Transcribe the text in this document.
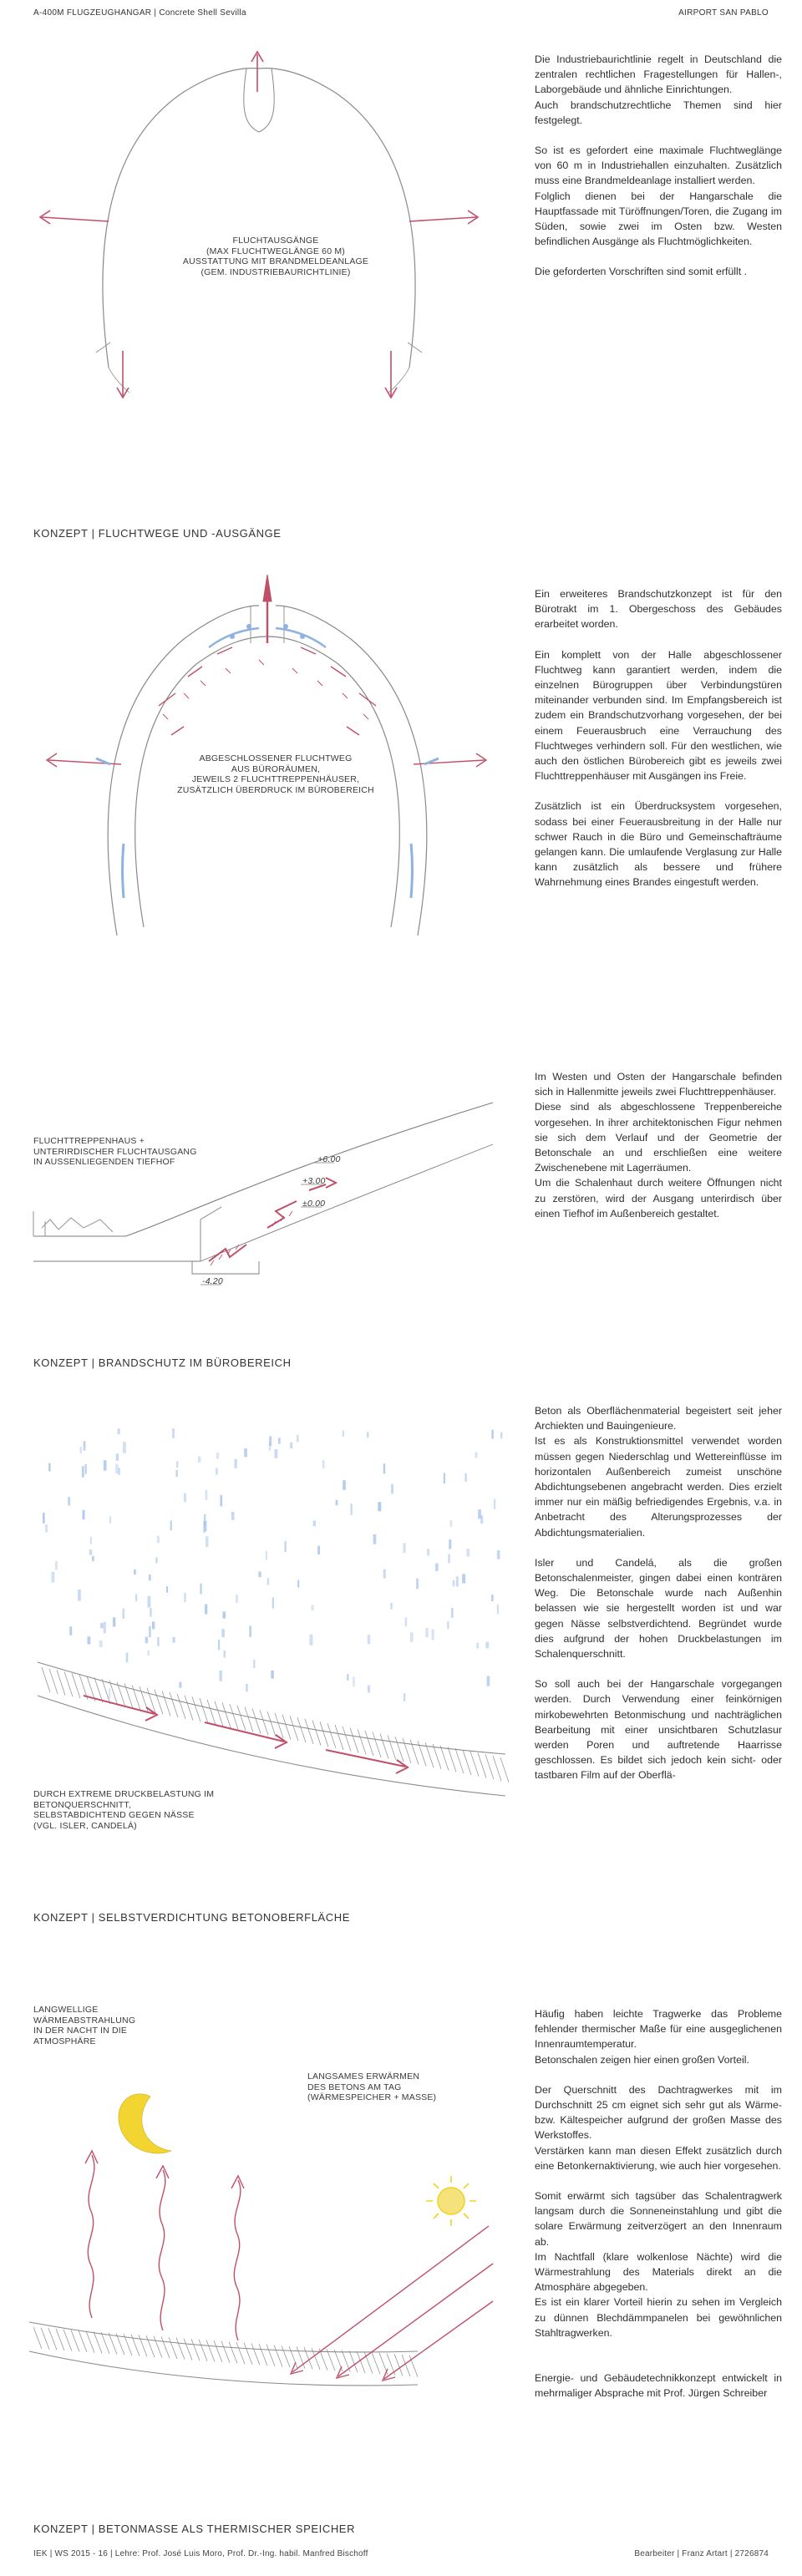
A-400M FLUGZEUGHANGAR | Concrete Shell Sevilla	AIRPORT SAN PABLO
FLUCHTAUSGÄNGE
(MAX FLUCHTWEGLÄNGE 60 M)
AUSSTATTUNG MIT BRANDMELDEANLAGE
(GEM. INDUSTRIEBAURICHTLINIE)

Die Industriebaurichtlinie regelt in Deutschland die zentralen rechtlichen Fragestellungen für Hallen-, Laborgebäude und ähnliche Einrichtungen.
Auch brandschutzrechtliche Themen sind hier festgelegt.

So ist es gefordert eine maximale Fluchtweglänge von 60 m in Industriehallen einzuhalten. Zusätzlich muss eine Brandmeldeanlage installiert werden.
Folglich dienen bei der Hangarschale die Hauptfassade mit Türöffnungen/Toren, die Zugang im Süden, sowie zwei im Osten bzw. Westen befindlichen Ausgänge als Fluchtmöglichkeiten.

Die geforderten Vorschriften sind somit erfüllt .

KONZEPT | FLUCHTWEGE UND -AUSGÄNGE
ABGESCHLOSSENER FLUCHTWEG
AUS BÜRORÄUMEN,
JEWEILS 2 FLUCHTTREPPENHÄUSER,
ZUSÄTZLICH ÜBERDRUCK IM BÜROBEREICH

Ein erweiteres Brandschutzkonzept ist für den Bürotrakt im 1. Obergeschoss des Gebäudes erarbeitet worden.

Ein komplett von der Halle abgeschlossener Fluchtweg kann garantiert werden, indem die einzelnen Bürogruppen über Verbindungstüren miteinander verbunden sind. Im Empfangsbereich ist zudem ein Brandschutzvorhang vorgesehen, der bei einem Feuerausbruch eine Verrauchung des Fluchtweges verhindern soll. Für den westlichen, wie auch den östlichen Bürobereich gibt es jeweils zwei Fluchttreppenhäuser mit Ausgängen ins Freie.

Zusätzlich ist ein Überdrucksystem vorgesehen, sodass bei einer Feuerausbreitung in der Halle nur schwer Rauch in die Büro und Gemeinschafträume gelangen kann. Die umlaufende Verglasung zur Halle kann zusätzlich als bessere und frühere Wahrnehmung eines Brandes eingestuft werden.

FLUCHTTREPPENHAUS +
UNTERIRDISCHER FLUCHTAUSGANG
IN AUSSENLIEGENDEN TIEFHOF	+6.00
+3.00
±0.00
-4.20

Im Westen und Osten der Hangarschale befinden sich in Hallenmitte jeweils zwei Fluchttreppenhäuser.
Diese sind als abgeschlossene Treppenbereiche vorgesehen. In ihrer architektonischen Figur nehmen sie sich dem Verlauf und der Geometrie der Betonschale an und erschließen eine weitere Zwischenebene mit Lagerräumen.
Um die Schalenhaut durch weitere Öffnungen nicht zu zerstören, wird der Ausgang unterirdisch über einen Tiefhof im Außenbereich gestaltet.

KONZEPT | BRANDSCHUTZ IM BÜROBEREICH
DURCH EXTREME DRUCKBELASTUNG IM
BETONQUERSCHNITT,
SELBSTABDICHTEND GEGEN NÄSSE
(VGL. ISLER, CANDELÁ)

Beton als Oberflächenmaterial begeistert seit jeher Archiekten und Bauingenieure.
Ist es als Konstruktionsmittel verwendet worden müssen gegen Niederschlag und Wettereinflüsse im horizontalen Außenbereich zumeist unschöne Abdichtungsebenen angebracht werden. Dies erzielt immer nur ein mäßig befriedigendes Ergebnis, v.a. in Anbetracht des Alterungsprozesses der Abdichtungsmaterialien.

Isler und Candelá, als die großen Betonschalenmeister, gingen dabei einen konträren Weg. Die Betonschale wurde nach Außenhin belassen wie sie hergestellt worden ist und war gegen Nässe selbstverdichtend. Begründet wurde dies aufgrund der hohen Druckbelastungen im Schalenquerschnitt.

So soll auch bei der Hangarschale vorgegangen werden. Durch Verwendung einer feinkörnigen mirkobewehrten Betonmischung und nachträglichen Bearbeitung mit einer unsichtbaren Schutzlasur werden Poren und auftretende Haarrisse geschlossen. Es bildet sich jedoch kein sicht- oder tastbaren Film auf der Oberflä-

KONZEPT | SELBSTVERDICHTUNG BETONOBERFLÄCHE
LANGWELLIGE
WÄRMEABSTRAHLUNG
IN DER NACHT IN DIE
ATMOSPHÄRE
LANGSAMES ERWÄRMEN
DES BETONS AM TAG
(WÄRMESPEICHER + MASSE)

Häufig haben leichte Tragwerke das Probleme fehlender thermischer Maße für eine ausgeglichenen Innenraumtemperatur.
Betonschalen zeigen hier einen großen Vorteil.

Der Querschnitt des Dachtragwerkes mit im Durchschnitt 25 cm eignet sich sehr gut als Wärme- bzw. Kältespeicher aufgrund der großen Masse des Werkstoffes.
Verstärken kann man diesen Effekt zusätzlich durch eine Betonkernaktivierung, wie auch hier vorgesehen.

Somit erwärmt sich tagsüber das Schalentragwerk langsam durch die Sonneneinstahlung und gibt die solare Erwärmung zeitverzögert an den Innenraum ab.
Im Nachtfall (klare wolkenlose Nächte) wird die Wärmestrahlung des Materials direkt an die Atmosphäre abgegeben.
Es ist ein klarer Vorteil hierin zu sehen im Vergleich zu dünnen Blechdämmpanelen bei gewöhnlichen Stahltragwerken.

Energie- und Gebäudetechnikkonzept entwickelt in mehrmaliger Absprache mit Prof. Jürgen Schreiber

KONZEPT | BETONMASSE ALS THERMISCHER SPEICHER
IEK | WS 2015 - 16 | Lehre: Prof. José Luis Moro, Prof. Dr.-Ing. habil. Manfred Bischoff	Bearbeiter | Franz Artart | 2726874
